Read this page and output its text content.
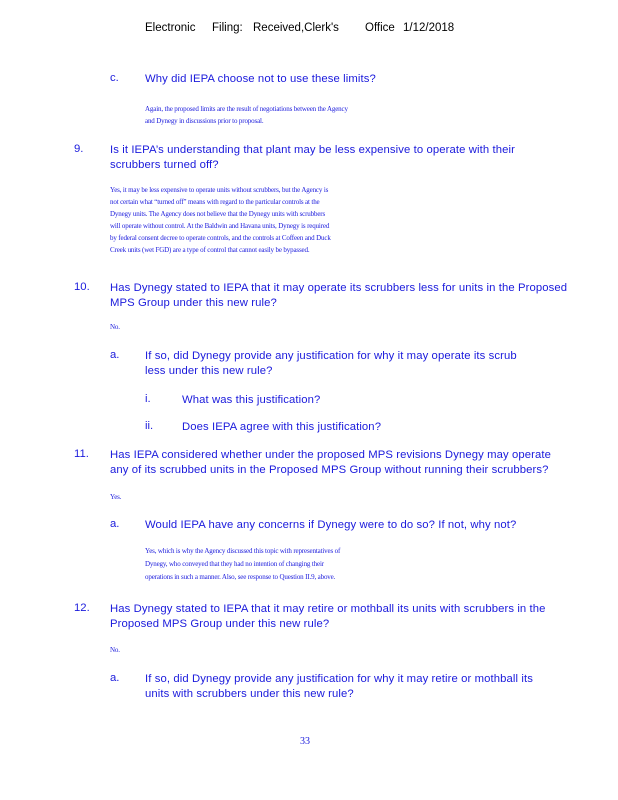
Electronic Filing: Received,Clerk's Office 1/12/2018
c. Why did IEPA choose not to use these limits?
Again, the proposed limits are the result of negotiations between the Agency
and Dynegy in discussions prior to proposal.
9. Is it IEPA’s understanding that plant may be less expensive to operate with their
scrubbers turned off?
Yes, it may be less expensive to operate units without scrubbers, but the Agency is
not certain what “turned off” means with regard to the particular controls at the
Dynegy units. The Agency does not believe that the Dynegy units with scrubbers
will operate without control. At the Baldwin and Havana units, Dynegy is required
by federal consent decree to operate controls, and the controls at Coffeen and Duck
Creek units (wet FGD) are a type of control that cannot easily be bypassed.
10. Has Dynegy stated to IEPA that it may operate its scrubbers less for units in the Proposed
MPS Group under this new rule?
No.
a. If so, did Dynegy provide any justification for why it may operate its scrub
less under this new rule?
i.	What was this justification?
ii.	Does IEPA agree with this justification?
11. Has IEPA considered whether under the proposed MPS revisions Dynegy may operate
any of its scrubbed units in the Proposed MPS Group without running their scrubbers?
Yes.
a. Would IEPA have any concerns if Dynegy were to do so? If not, why not?
Yes, which is why the Agency discussed this topic with representatives of
Dynegy, who conveyed that they had no intention of changing their
operations in such a manner. Also, see response to Question II.9, above.
12. Has Dynegy stated to IEPA that it may retire or mothball its units with scrubbers in the
Proposed MPS Group under this new rule?
No.
a. If so, did Dynegy provide any justification for why it may retire or mothball its
units with scrubbers under this new rule?
33
